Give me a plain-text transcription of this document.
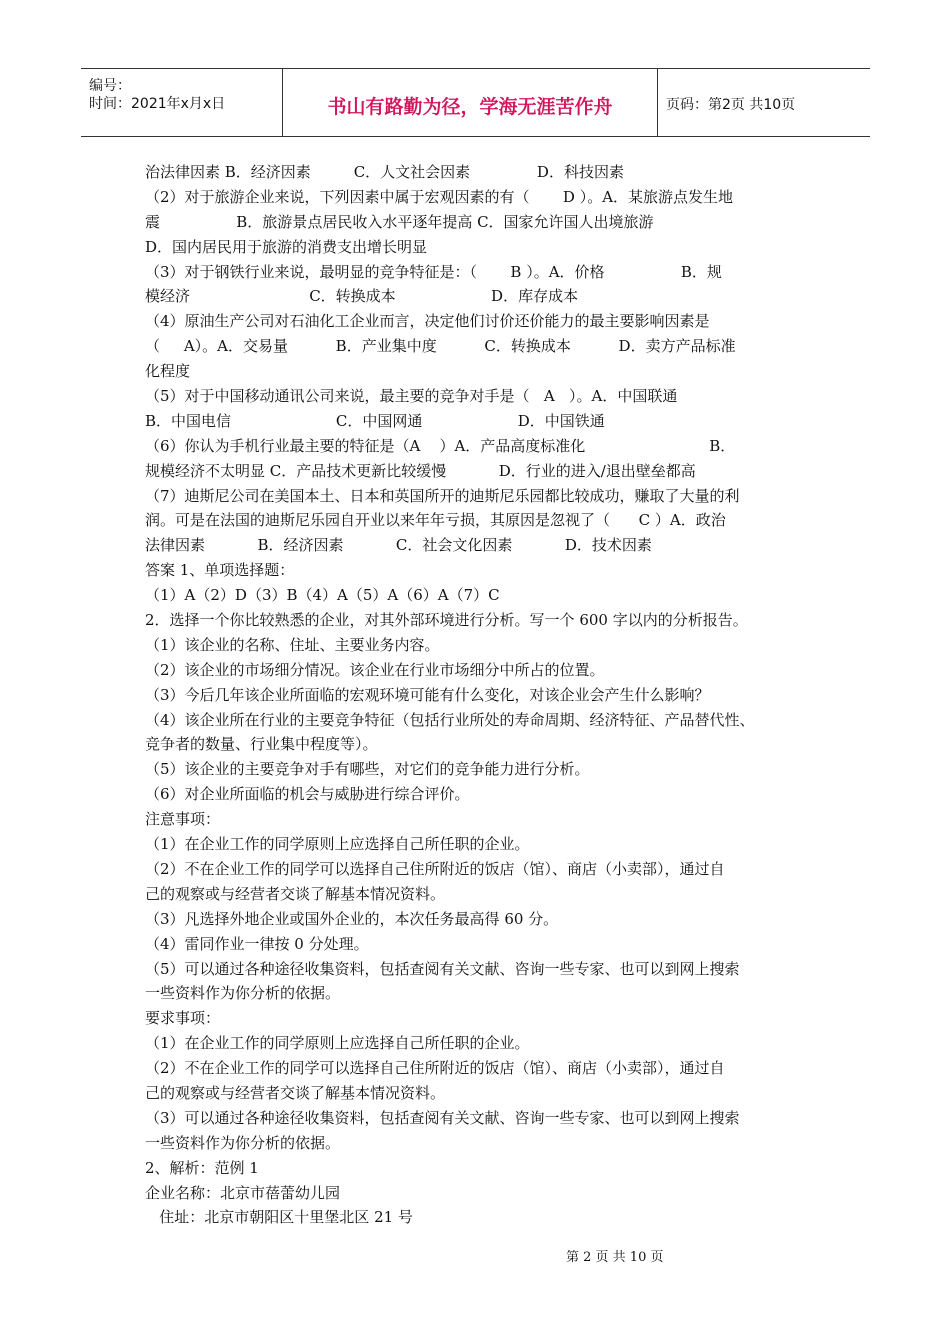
编号：
时间：2021年x月x日	书山有路勤为径，学海无涯苦作舟	页码：第2页 共10页
治法律因素 B．经济因素         C．人文社会因素              D．科技因素
（2）对于旅游企业来说，下列因素中属于宏观因素的有（       D ）。A．某旅游点发生地
震                B．旅游景点居民收入水平逐年提高 C．国家允许国人出境旅游
D．国内居民用于旅游的消费支出增长明显
（3）对于钢铁行业来说，最明显的竞争特征是：（       B ）。A．价格                B．规
模经济                         C．转换成本                    D．库存成本
（4）原油生产公司对石油化工企业而言，决定他们讨价还价能力的最主要影响因素是
（     A）。A．交易量          B．产业集中度          C．转换成本          D．卖方产品标准
化程度
（5）对于中国移动通讯公司来说，最主要的竞争对手是（   A   ）。A．中国联通
B．中国电信                      C．中国网通                    D．中国铁通
（6）你认为手机行业最主要的特征是（A    ）A．产品高度标准化                          B．
规模经济不太明显 C．产品技术更新比较缓慢           D．行业的进入/退出壁垒都高
（7）迪斯尼公司在美国本土、日本和英国所开的迪斯尼乐园都比较成功，赚取了大量的利
润。可是在法国的迪斯尼乐园自开业以来年年亏损，其原因是忽视了（      C ）A．政治
法律因素           B．经济因素           C．社会文化因素           D．技术因素
答案 1、单项选择题：
（1）A（2）D（3）B（4）A（5）A（6）A（7）C
2．选择一个你比较熟悉的企业，对其外部环境进行分析。写一个 600 字以内的分析报告。
（1）该企业的名称、住址、主要业务内容。
（2）该企业的市场细分情况。该企业在行业市场细分中所占的位置。
（3）今后几年该企业所面临的宏观环境可能有什么变化，对该企业会产生什么影响？
（4）该企业所在行业的主要竞争特征（包括行业所处的寿命周期、经济特征、产品替代性、
竞争者的数量、行业集中程度等）。
（5）该企业的主要竞争对手有哪些，对它们的竞争能力进行分析。
（6）对企业所面临的机会与威胁进行综合评价。
注意事项：
（1）在企业工作的同学原则上应选择自己所任职的企业。
（2）不在企业工作的同学可以选择自己住所附近的饭店（馆）、商店（小卖部），通过自
己的观察或与经营者交谈了解基本情况资料。
（3）凡选择外地企业或国外企业的，本次任务最高得 60 分。
（4）雷同作业一律按 0 分处理。
（5）可以通过各种途径收集资料，包括查阅有关文献、咨询一些专家、也可以到网上搜索
一些资料作为你分析的依据。
要求事项：
（1）在企业工作的同学原则上应选择自己所任职的企业。
（2）不在企业工作的同学可以选择自己住所附近的饭店（馆）、商店（小卖部），通过自
己的观察或与经营者交谈了解基本情况资料。
（3）可以通过各种途径收集资料，包括查阅有关文献、咨询一些专家、也可以到网上搜索
一些资料作为你分析的依据。
2、解析：范例 1
企业名称：北京市蓓蕾幼儿园
住址：北京市朝阳区十里堡北区 21 号
第 2 页 共 10 页
